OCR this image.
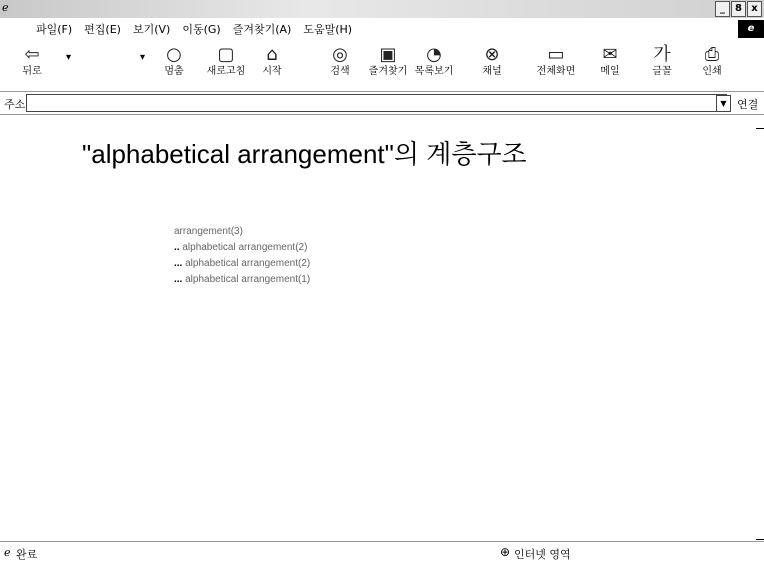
ℯ	_	8 x
파일(F) 편집(E) 보기(V) 이동(G) 즐겨찾기(A) 도움말(H)	e
⇦
뒤로
▾	▾	○
멈춤
▢
새로고침
⌂
시작
◎
검색
▣
즐겨찾기
◔
목록보기
⊗
채널
▭
전체화면
✉
메일
가
글꼴
⎙
인쇄
주소	▼ 연결
"alphabetical arrangement"의 계층구조
arrangement(3)
.. alphabetical arrangement(2)
... alphabetical arrangement(2)
... alphabetical arrangement(1)
ℯ 완료	⊕ 인터넷 영역
